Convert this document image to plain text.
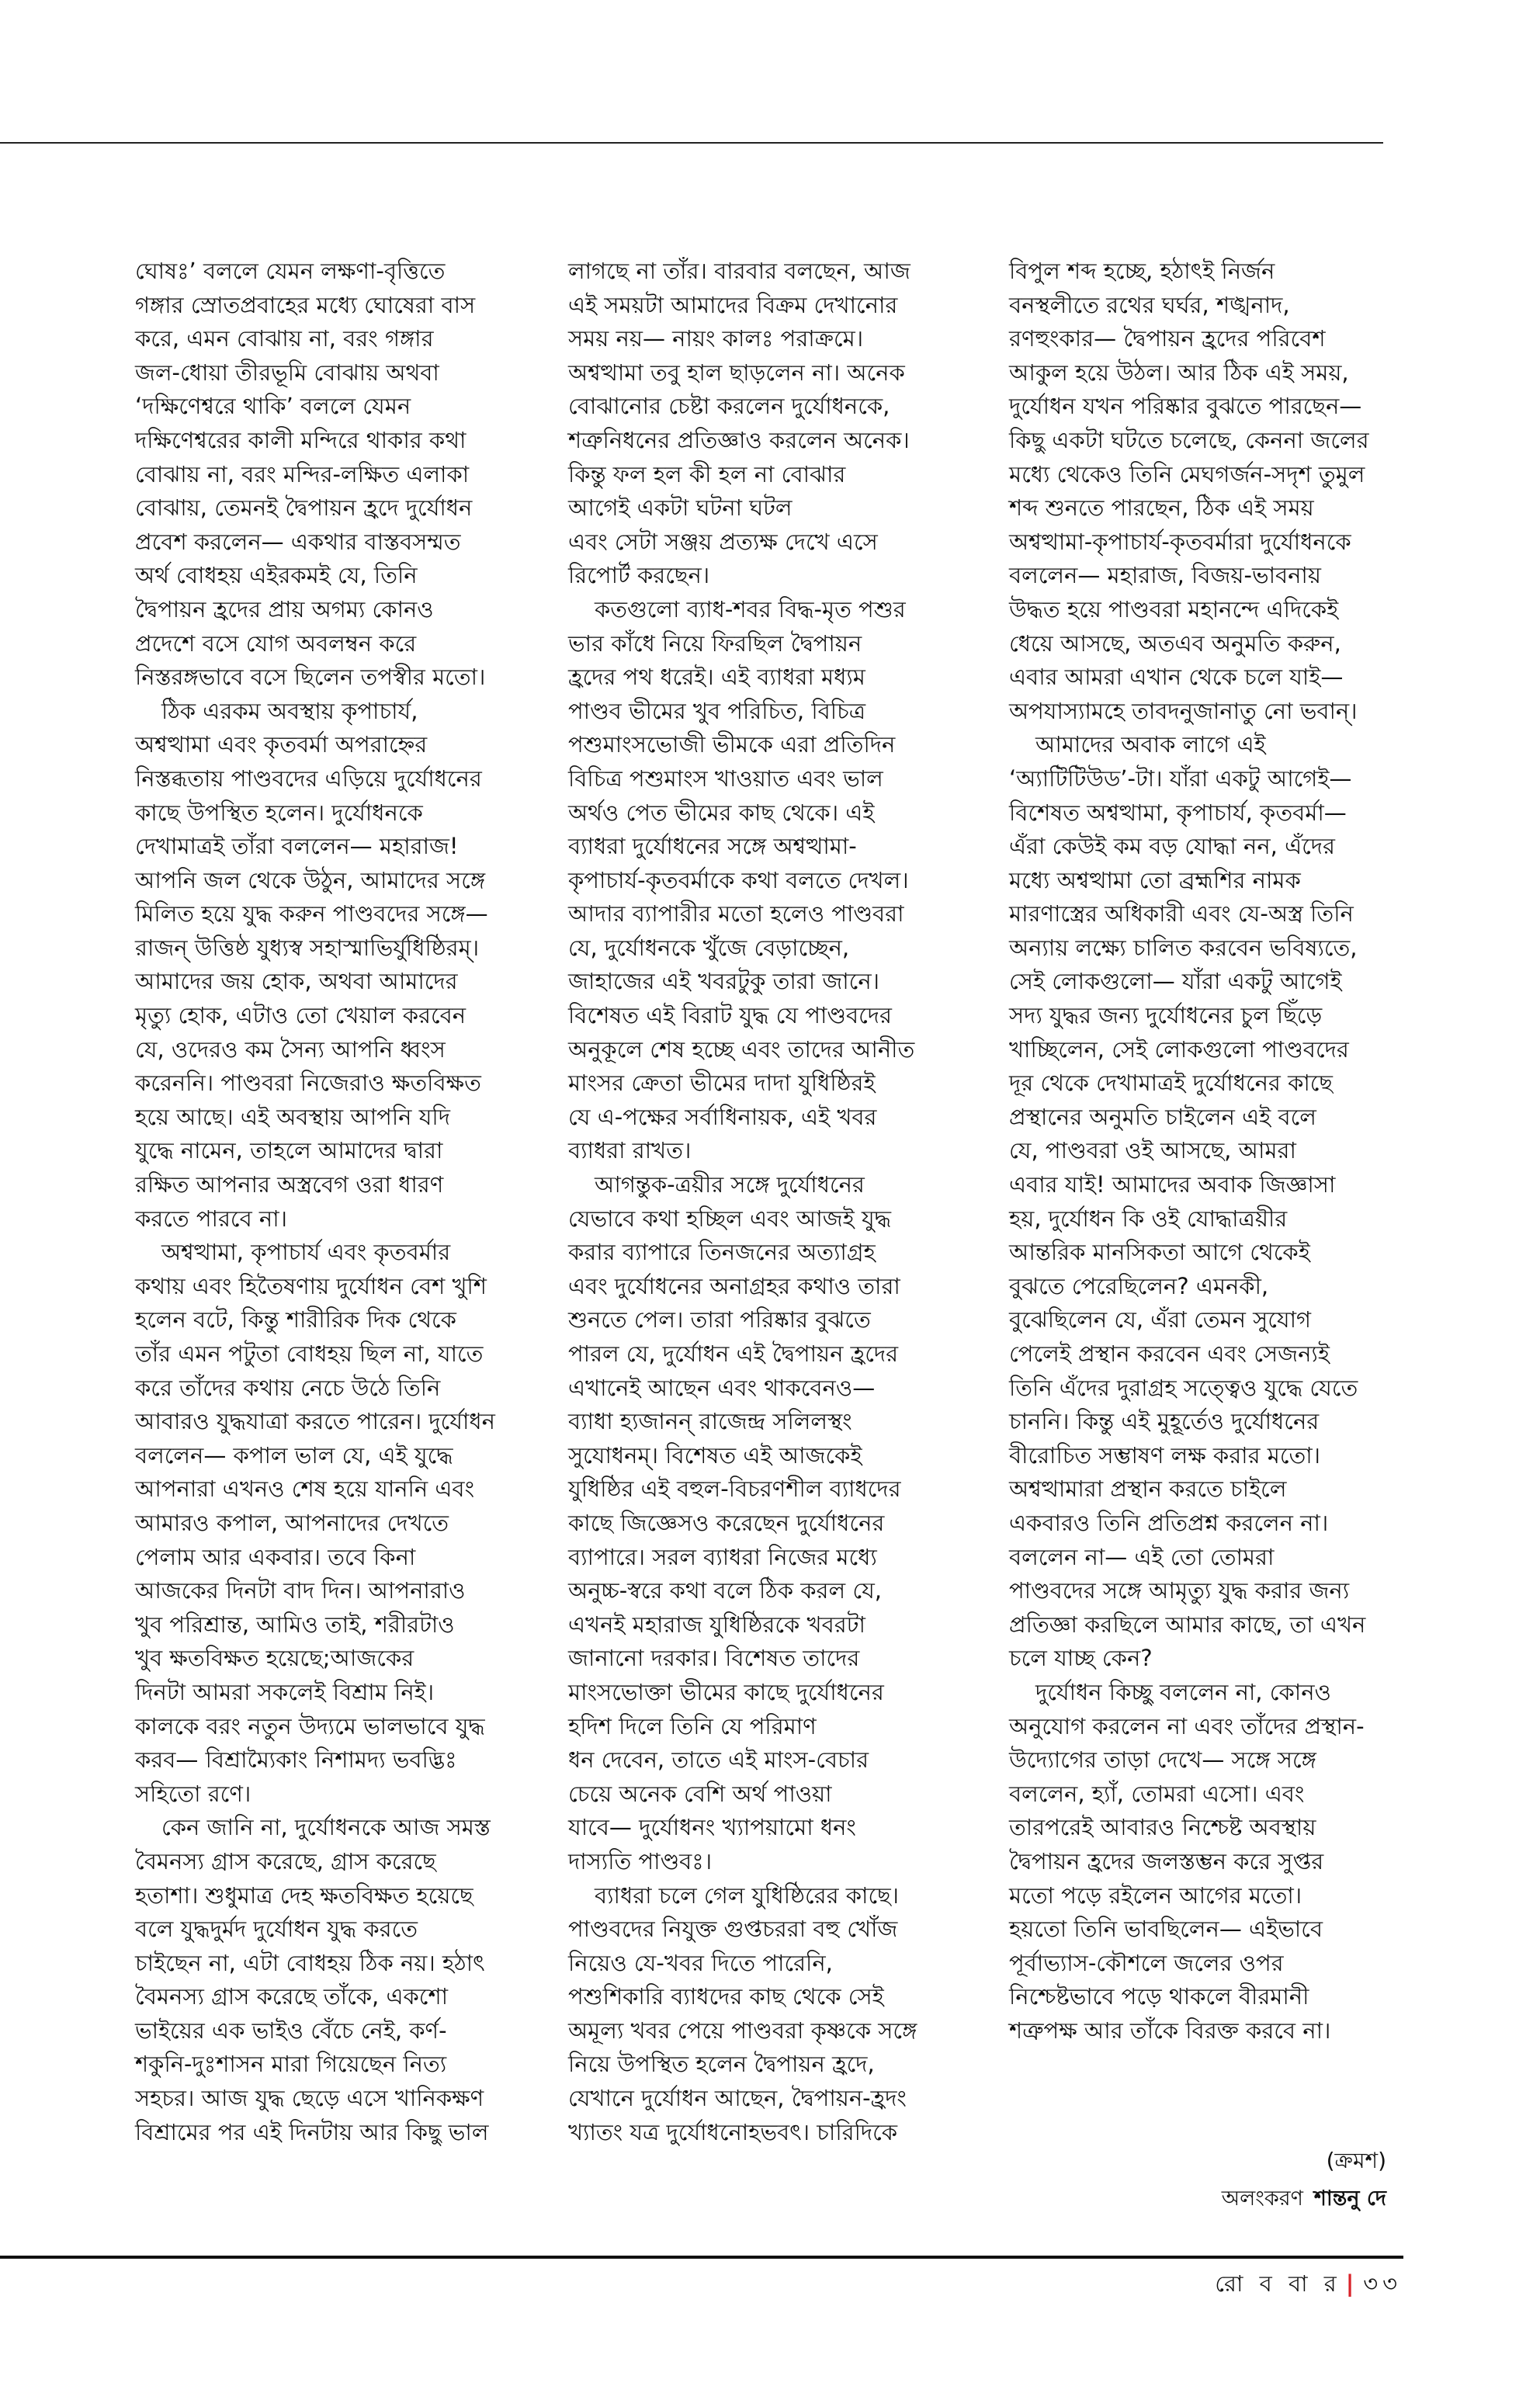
ঘোষঃ’ বললে যেমন লক্ষণা-বৃত্তিতে
গঙ্গার স্রোতপ্রবাহের মধ্যে ঘোষেরা বাস
করে, এমন বোঝায় না, বরং গঙ্গার
জল-ধোয়া তীরভূমি বোঝায় অথবা
‘দক্ষিণেশ্বরে থাকি’ বললে যেমন
দক্ষিণেশ্বরের কালী মন্দিরে থাকার কথা
বোঝায় না, বরং মন্দির-লক্ষিত এলাকা
বোঝায়, তেমনই দ্বৈপায়ন হ্রদে দুর্যোধন
প্রবেশ করলেন— একথার বাস্তবসম্মত
অর্থ বোধহয় এইরকমই যে, তিনি
দ্বৈপায়ন হ্রদের প্রায় অগম্য কোনও
প্রদেশে বসে যোগ অবলম্বন করে
নিস্তরঙ্গভাবে বসে ছিলেন তপস্বীর মতো।
ঠিক এরকম অবস্থায় কৃপাচার্য,
অশ্বত্থামা এবং কৃতবর্মা অপরাহ্নের
নিস্তব্ধতায় পাণ্ডবদের এড়িয়ে দুর্যোধনের
কাছে উপস্থিত হলেন। দুর্যোধনকে
দেখামাত্রই তাঁরা বললেন— মহারাজ!
আপনি জল থেকে উঠুন, আমাদের সঙ্গে
মিলিত হয়ে যুদ্ধ করুন পাণ্ডবদের সঙ্গে—
রাজন্ উত্তিষ্ঠ যুধ্যস্ব সহাস্মাভির্যুধিষ্ঠিরম্।
আমাদের জয় হোক, অথবা আমাদের
মৃত্যু হোক, এটাও তো খেয়াল করবেন
যে, ওদেরও কম সৈন্য আপনি ধ্বংস
করেননি। পাণ্ডবরা নিজেরাও ক্ষতবিক্ষত
হয়ে আছে। এই অবস্থায় আপনি যদি
যুদ্ধে নামেন, তাহলে আমাদের দ্বারা
রক্ষিত আপনার অস্ত্রবেগ ওরা ধারণ
করতে পারবে না।
অশ্বত্থামা, কৃপাচার্য এবং কৃতবর্মার
কথায় এবং হিতৈষণায় দুর্যোধন বেশ খুশি
হলেন বটে, কিন্তু শারীরিক দিক থেকে
তাঁর এমন পটুতা বোধহয় ছিল না, যাতে
করে তাঁদের কথায় নেচে উঠে তিনি
আবারও যুদ্ধযাত্রা করতে পারেন। দুর্যোধন
বললেন— কপাল ভাল যে, এই যুদ্ধে
আপনারা এখনও শেষ হয়ে যাননি এবং
আমারও কপাল, আপনাদের দেখতে
পেলাম আর একবার। তবে কিনা
আজকের দিনটা বাদ দিন। আপনারাও
খুব পরিশ্রান্ত, আমিও তাই, শরীরটাও
খুব ক্ষতবিক্ষত হয়েছে;আজকের
দিনটা আমরা সকলেই বিশ্রাম নিই।
কালকে বরং নতুন উদ্যমে ভালভাবে যুদ্ধ
করব— বিশ্রাম্যৈকাং নিশামদ্য ভবদ্ভিঃ
সহিতো রণে।
কেন জানি না, দুর্যোধনকে আজ সমস্ত
বৈমনস্য গ্রাস করেছে, গ্রাস করেছে
হতাশা। শুধুমাত্র দেহ ক্ষতবিক্ষত হয়েছে
বলে যুদ্ধদুর্মদ দুর্যোধন যুদ্ধ করতে
চাইছেন না, এটা বোধহয় ঠিক নয়। হঠাৎ
বৈমনস্য গ্রাস করেছে তাঁকে, একশো
ভাইয়ের এক ভাইও বেঁচে নেই, কর্ণ-
শকুনি-দুঃশাসন মারা গিয়েছেন নিত্য
সহচর। আজ যুদ্ধ ছেড়ে এসে খানিকক্ষণ
বিশ্রামের পর এই দিনটায় আর কিছু ভাল
লাগছে না তাঁর। বারবার বলছেন, আজ
এই সময়টা আমাদের বিক্রম দেখানোর
সময় নয়— নায়ং কালঃ পরাক্রমে।
অশ্বত্থামা তবু হাল ছাড়লেন না। অনেক
বোঝানোর চেষ্টা করলেন দুর্যোধনকে,
শত্রুনিধনের প্রতিজ্ঞাও করলেন অনেক।
কিন্তু ফল হল কী হল না বোঝার
আগেই একটা ঘটনা ঘটল
এবং সেটা সঞ্জয় প্রত্যক্ষ দেখে এসে
রিপোর্ট করছেন।
কতগুলো ব্যাধ-শবর বিদ্ধ-মৃত পশুর
ভার কাঁধে নিয়ে ফিরছিল দ্বৈপায়ন
হ্রদের পথ ধরেই। এই ব্যাধরা মধ্যম
পাণ্ডব ভীমের খুব পরিচিত, বিচিত্র
পশুমাংসভোজী ভীমকে এরা প্রতিদিন
বিচিত্র পশুমাংস খাওয়াত এবং ভাল
অর্থও পেত ভীমের কাছ থেকে। এই
ব্যাধরা দুর্যোধনের সঙ্গে অশ্বত্থামা-
কৃপাচার্য-কৃতবর্মাকে কথা বলতে দেখল।
আদার ব্যাপারীর মতো হলেও পাণ্ডবরা
যে, দুর্যোধনকে খুঁজে বেড়াচ্ছেন,
জাহাজের এই খবরটুকু তারা জানে।
বিশেষত এই বিরাট যুদ্ধ যে পাণ্ডবদের
অনুকূলে শেষ হচ্ছে এবং তাদের আনীত
মাংসর ক্রেতা ভীমের দাদা যুধিষ্ঠিরই
যে এ-পক্ষের সর্বাধিনায়ক, এই খবর
ব্যাধরা রাখত।
আগন্তুক-ত্রয়ীর সঙ্গে দুর্যোধনের
যেভাবে কথা হচ্ছিল এবং আজই যুদ্ধ
করার ব্যাপারে তিনজনের অত্যাগ্রহ
এবং দুর্যোধনের অনাগ্রহর কথাও তারা
শুনতে পেল। তারা পরিষ্কার বুঝতে
পারল যে, দুর্যোধন এই দ্বৈপায়ন হ্রদের
এখানেই আছেন এবং থাকবেনও—
ব্যাধা হ্যজানন্ রাজেন্দ্র সলিলস্থং
সুযোধনম্। বিশেষত এই আজকেই
যুধিষ্ঠির এই বহুল-বিচরণশীল ব্যাধদের
কাছে জিজ্ঞেসও করেছেন দুর্যোধনের
ব্যাপারে। সরল ব্যাধরা নিজের মধ্যে
অনুচ্চ-স্বরে কথা বলে ঠিক করল যে,
এখনই মহারাজ যুধিষ্ঠিরকে খবরটা
জানানো দরকার। বিশেষত তাদের
মাংসভোক্তা ভীমের কাছে দুর্যোধনের
হদিশ দিলে তিনি যে পরিমাণ
ধন দেবেন, তাতে এই মাংস-বেচার
চেয়ে অনেক বেশি অর্থ পাওয়া
যাবে— দুর্যোধনং খ্যাপয়ামো ধনং
দাস্যতি পাণ্ডবঃ।
ব্যাধরা চলে গেল যুধিষ্ঠিরের কাছে।
পাণ্ডবদের নিযুক্ত গুপ্তচররা বহু খোঁজ
নিয়েও যে-খবর দিতে পারেনি,
পশুশিকারি ব্যাধদের কাছ থেকে সেই
অমূল্য খবর পেয়ে পাণ্ডবরা কৃষ্ণকে সঙ্গে
নিয়ে উপস্থিত হলেন দ্বৈপায়ন হ্রদে,
যেখানে দুর্যোধন আছেন, দ্বৈপায়ন-হ্রদং
খ্যাতং যত্র দুর্যোধনোহভবৎ। চারিদিকে
বিপুল শব্দ হচ্ছে, হঠাৎই নির্জন
বনস্থলীতে রথের ঘর্ঘর, শঙ্খনাদ,
রণহুংকার— দ্বৈপায়ন হ্রদের পরিবেশ
আকুল হয়ে উঠল। আর ঠিক এই সময়,
দুর্যোধন যখন পরিষ্কার বুঝতে পারছেন—
কিছু একটা ঘটতে চলেছে, কেননা জলের
মধ্যে থেকেও তিনি মেঘগর্জন-সদৃশ তুমুল
শব্দ শুনতে পারছেন, ঠিক এই সময়
অশ্বত্থামা-কৃপাচার্য-কৃতবর্মারা দুর্যোধনকে
বললেন— মহারাজ, বিজয়-ভাবনায়
উদ্ধত হয়ে পাণ্ডবরা মহানন্দে এদিকেই
ধেয়ে আসছে, অতএব অনুমতি করুন,
এবার আমরা এখান থেকে চলে যাই—
অপযাস্যামহে তাবদনুজানাতু নো ভবান্।
আমাদের অবাক লাগে এই
‘অ্যাটিটিউড’-টা। যাঁরা একটু আগেই—
বিশেষত অশ্বত্থামা, কৃপাচার্য, কৃতবর্মা—
এঁরা কেউই কম বড় যোদ্ধা নন, এঁদের
মধ্যে অশ্বত্থামা তো ব্রহ্মশির নামক
মারণাস্ত্রের অধিকারী এবং যে-অস্ত্র তিনি
অন্যায় লক্ষ্যে চালিত করবেন ভবিষ্যতে,
সেই লোকগুলো— যাঁরা একটু আগেই
সদ্য যুদ্ধর জন্য দুর্যোধনের চুল ছিঁড়ে
খাচ্ছিলেন, সেই লোকগুলো পাণ্ডবদের
দূর থেকে দেখামাত্রই দুর্যোধনের কাছে
প্রস্থানের অনুমতি চাইলেন এই বলে
যে, পাণ্ডবরা ওই আসছে, আমরা
এবার যাই! আমাদের অবাক জিজ্ঞাসা
হয়, দুর্যোধন কি ওই যোদ্ধাত্রয়ীর
আন্তরিক মানসিকতা আগে থেকেই
বুঝতে পেরেছিলেন? এমনকী,
বুঝেছিলেন যে, এঁরা তেমন সুযোগ
পেলেই প্রস্থান করবেন এবং সেজন্যই
তিনি এঁদের দুরাগ্রহ সত্ত্বেও যুদ্ধে যেতে
চাননি। কিন্তু এই মুহূর্তেও দুর্যোধনের
বীরোচিত সম্ভাষণ লক্ষ করার মতো।
অশ্বত্থামারা প্রস্থান করতে চাইলে
একবারও তিনি প্রতিপ্রশ্ন করলেন না।
বললেন না— এই তো তোমরা
পাণ্ডবদের সঙ্গে আমৃত্যু যুদ্ধ করার জন্য
প্রতিজ্ঞা করছিলে আমার কাছে, তা এখন
চলে যাচ্ছ কেন?
দুর্যোধন কিচ্ছু বললেন না, কোনও
অনুযোগ করলেন না এবং তাঁদের প্রস্থান-
উদ্যোগের তাড়া দেখে— সঙ্গে সঙ্গে
বললেন, হ্যাঁ, তোমরা এসো। এবং
তারপরেই আবারও নিশ্চেষ্ট অবস্থায়
দ্বৈপায়ন হ্রদের জলস্তম্ভন করে সুপ্তর
মতো পড়ে রইলেন আগের মতো।
হয়তো তিনি ভাবছিলেন— এইভাবে
পূর্বাভ্যাস-কৌশলে জলের ওপর
নিশ্চেষ্টভাবে পড়ে থাকলে বীরমানী
শত্রুপক্ষ আর তাঁকে বিরক্ত করবে না।
(ক্রমশ)
অলংকরণ শান্তনু দে
রো ব বা র | ৩৩
